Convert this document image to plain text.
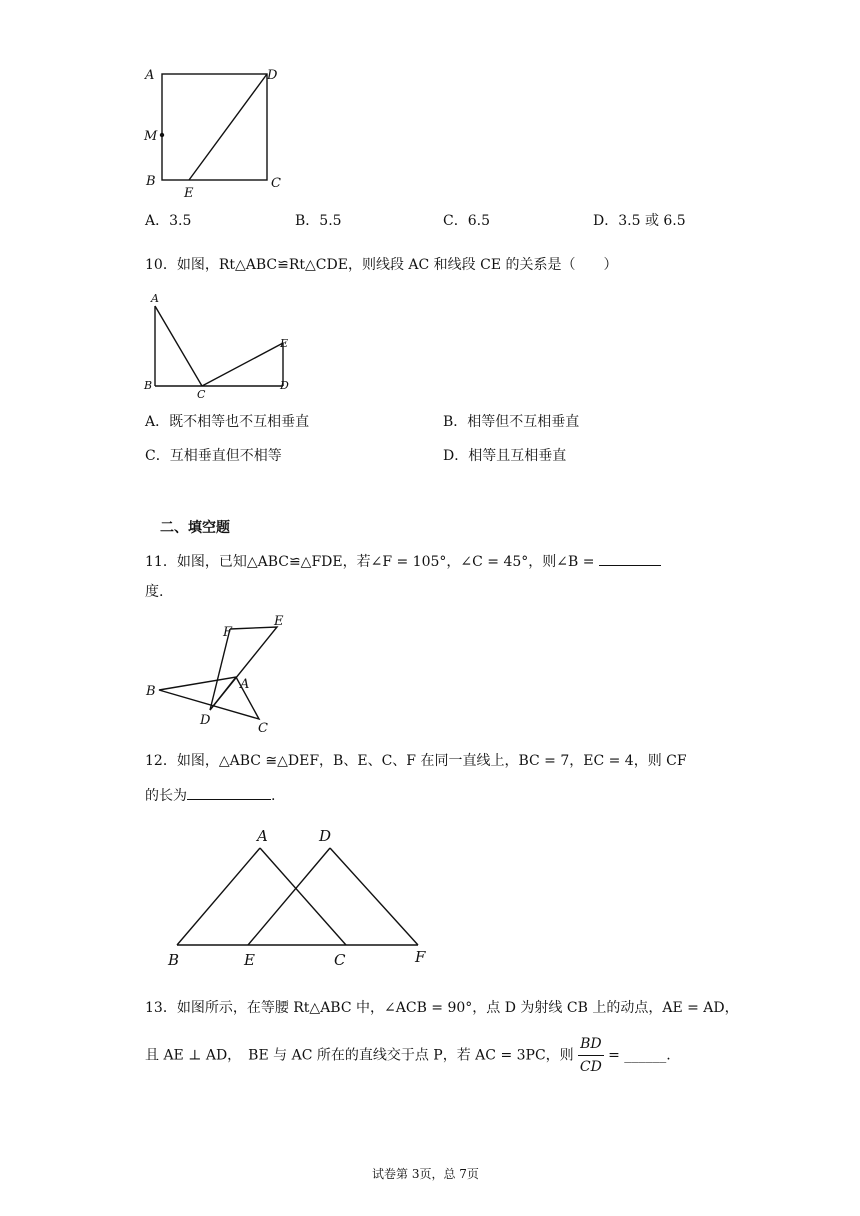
A	D
M
B
E
C
A．3.5	B．5.5	C．6.5	D．3.5 或 6.5
10．如图，Rt△ABC≌Rt△CDE，则线段 AC 和线段 CE 的关系是（　　）
A
B
C
D
E
A．既不相等也不互相垂直	B．相等但不互相垂直
C．互相垂直但不相等	D．相等且互相垂直
二、填空题
11．如图，已知△ABC≌△FDE，若∠F = 105°，∠C = 45°，则∠B =
度.
F
E
B	A
D
C
12．如图，△ABC ≅△DEF，B、E、C、F 在同一直线上，BC = 7，EC = 4，则 CF
的长为	.
A	D
B	E	C	F
13．如图所示，在等腰 Rt△ABC 中，∠ACB = 90°，点 D 为射线 CB 上的动点，AE = AD，
且 AE ⊥ AD，　BE 与 AC 所在的直线交于点 P，若 AC = 3PC，则 $\frac{BD}{CD}$ = ______.
试卷第 3页，总 7页
